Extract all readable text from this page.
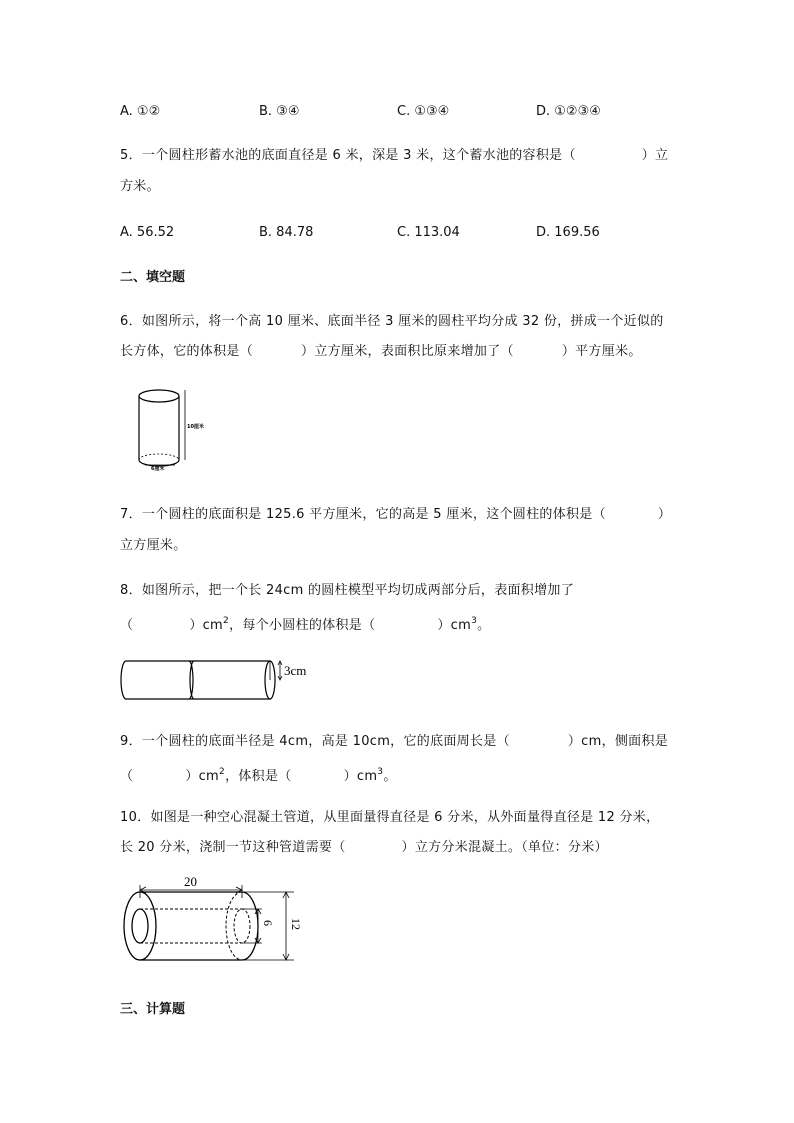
A. ①②	B. ③④	C. ①③④	D. ①②③④
5．一个圆柱形蓄水池的底面直径是 6 米，深是 3 米，这个蓄水池的容积是（	）立
方米。
A. 56.52	B. 84.78	C. 113.04	D. 169.56
二、填空题
6．如图所示，将一个高 10 厘米、底面半径 3 厘米的圆柱平均分成 32 份，拼成一个近似的
长方体，它的体积是（	）立方厘米，表面积比原来增加了（	）平方厘米。
10厘米
6厘米
7．一个圆柱的底面积是 125.6 平方厘米，它的高是 5 厘米，这个圆柱的体积是（	）
立方厘米。
8．如图所示，把一个长 24cm 的圆柱模型平均切成两部分后，表面积增加了
（	）$cm^2$，每个小圆柱的体积是（	）$cm^3$。
3cm
9．一个圆柱的底面半径是 4cm，高是 10cm，它的底面周长是（	）cm，侧面积是
（	）$cm^2$，体积是（	）$cm^3$。
10．如图是一种空心混凝土管道，从里面量得直径是 6 分米，从外面量得直径是 12 分米，
长 20 分米，浇制一节这种管道需要（	）立方分米混凝土。（单位：分米）
20
6 12
三、计算题
